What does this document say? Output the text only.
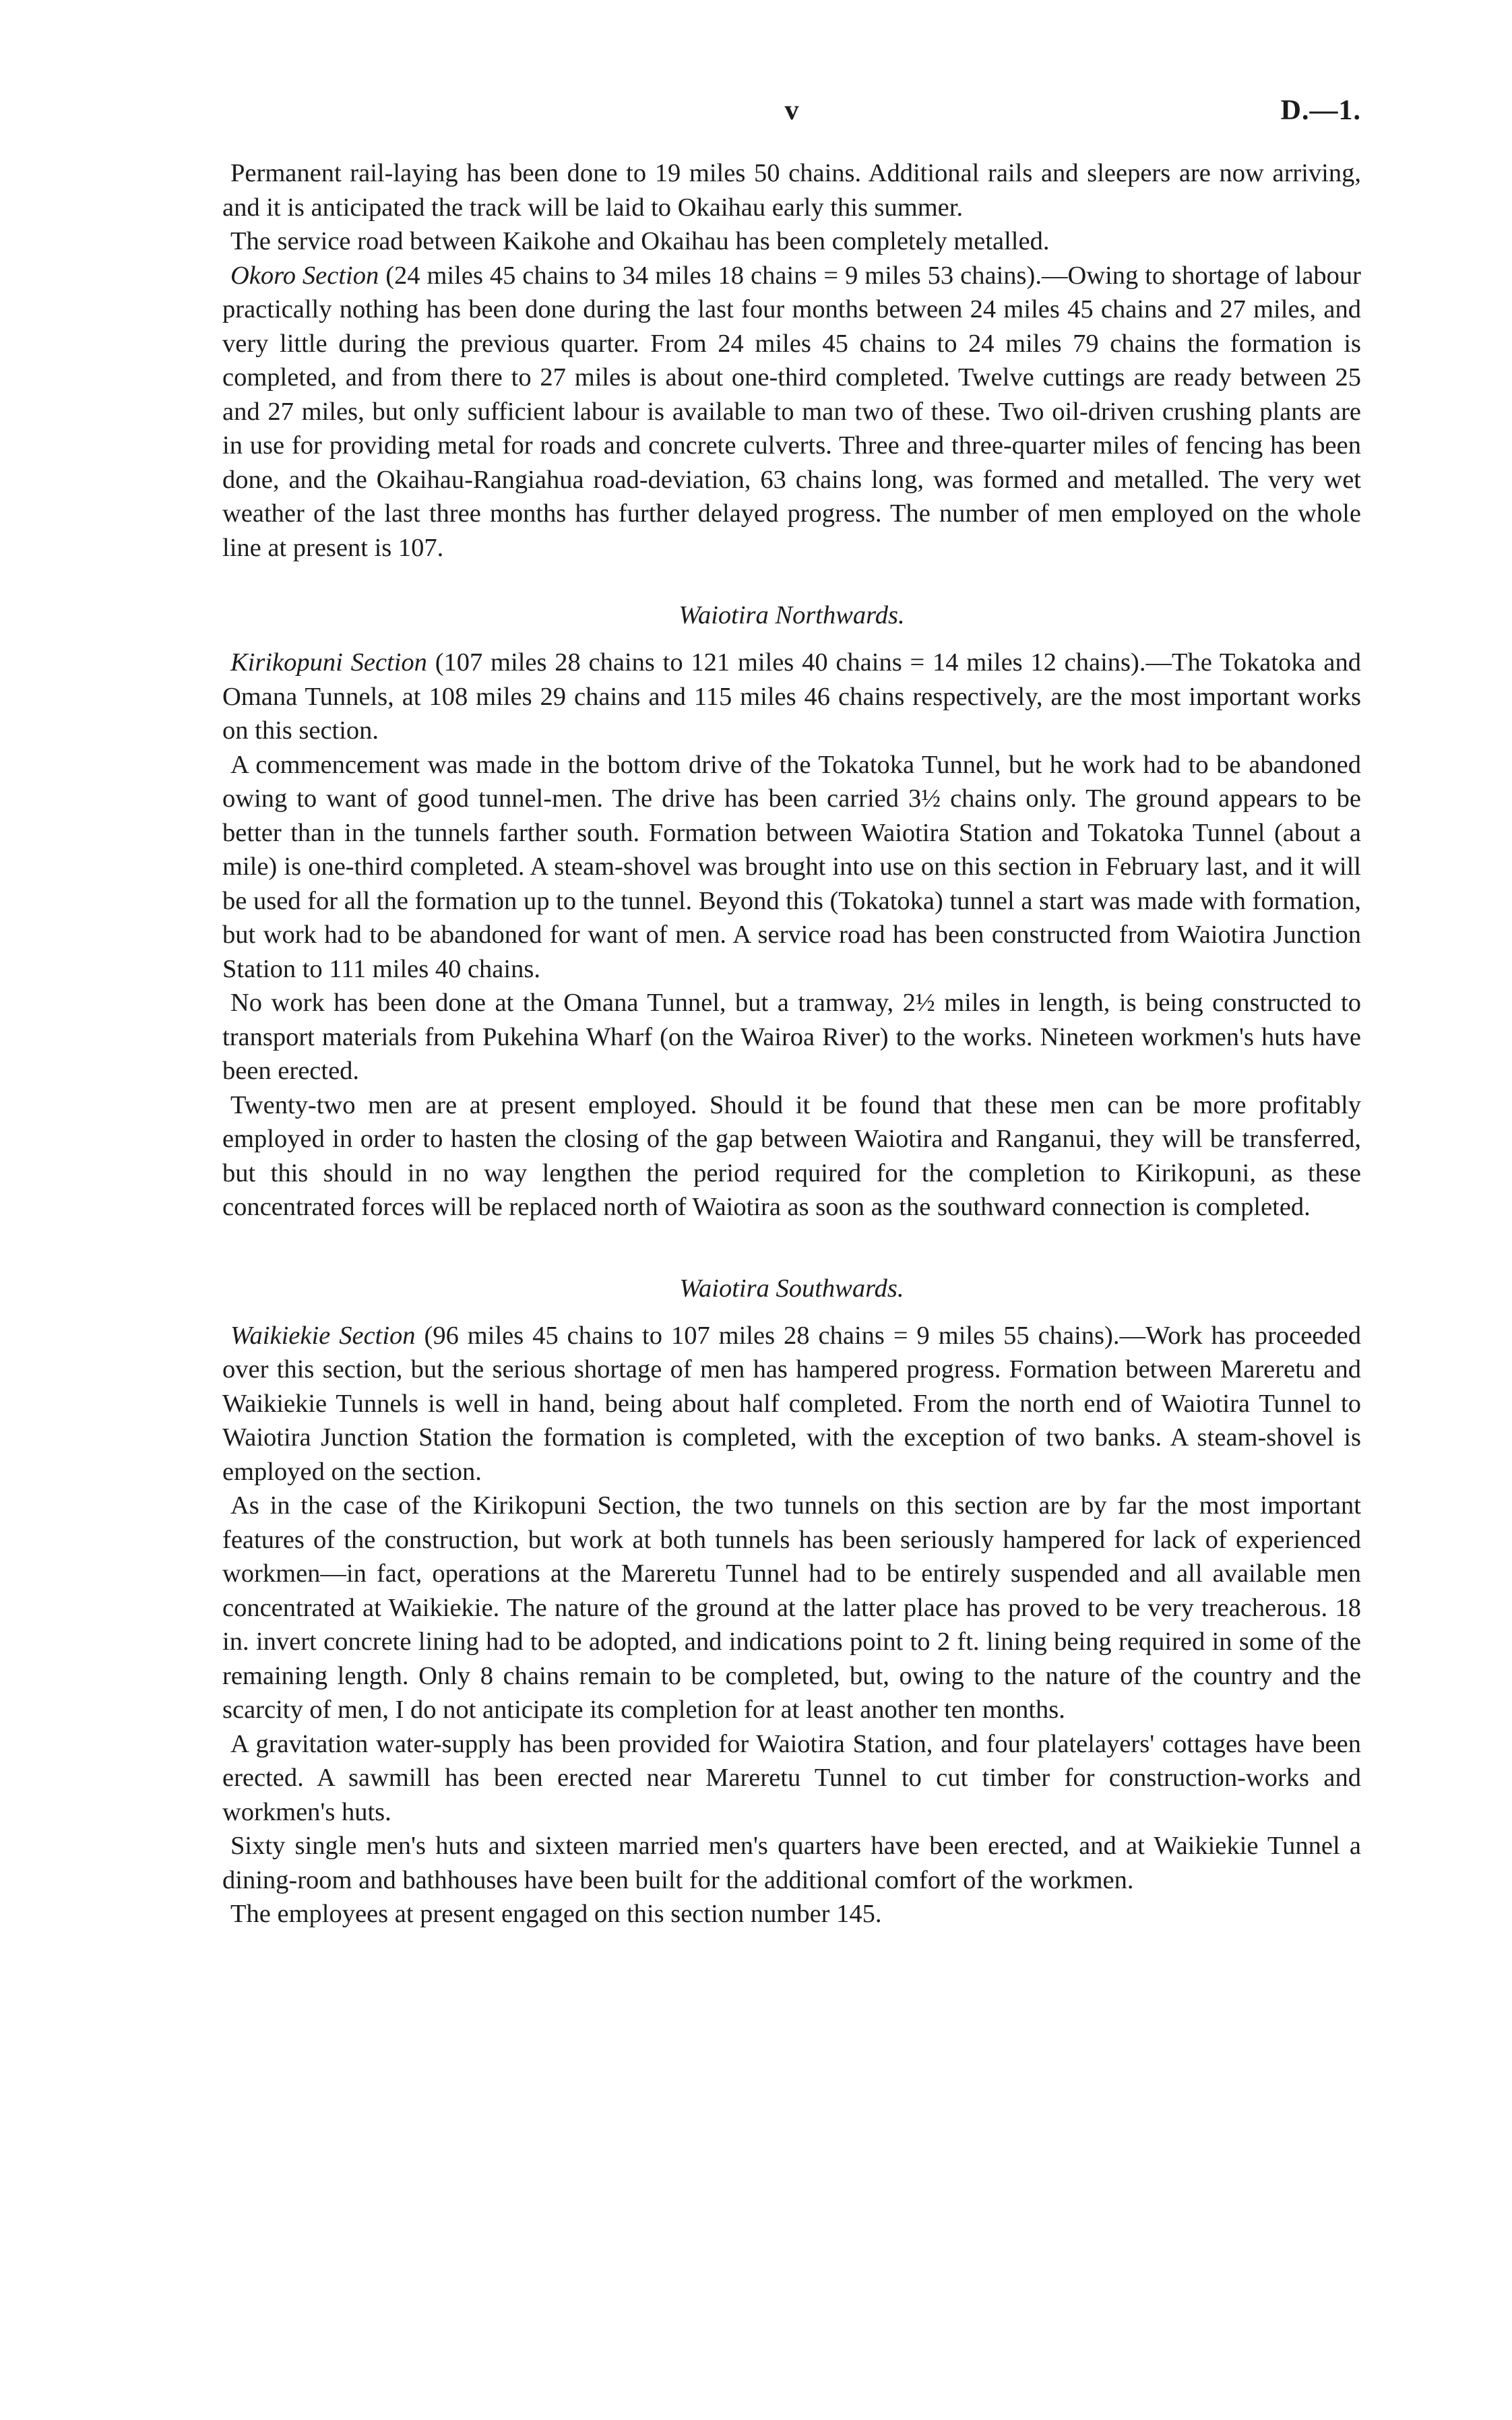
v	D.—1.

Permanent rail-laying has been done to 19 miles 50 chains. Additional rails and sleepers are now arriving, and it is anticipated the track will be laid to Okaihau early this summer.

The service road between Kaikohe and Okaihau has been completely metalled.

Okoro Section (24 miles 45 chains to 34 miles 18 chains = 9 miles 53 chains).—Owing to shortage of labour practically nothing has been done during the last four months between 24 miles 45 chains and 27 miles, and very little during the previous quarter. From 24 miles 45 chains to 24 miles 79 chains the formation is completed, and from there to 27 miles is about one-third completed. Twelve cuttings are ready between 25 and 27 miles, but only sufficient labour is available to man two of these. Two oil-driven crushing plants are in use for providing metal for roads and concrete culverts. Three and three-quarter miles of fencing has been done, and the Okaihau-Rangiahua road-deviation, 63 chains long, was formed and metalled. The very wet weather of the last three months has further delayed progress. The number of men employed on the whole line at present is 107.

Waiotira Northwards.

Kirikopuni Section (107 miles 28 chains to 121 miles 40 chains = 14 miles 12 chains).—The Tokatoka and Omana Tunnels, at 108 miles 29 chains and 115 miles 46 chains respectively, are the most important works on this section.

A commencement was made in the bottom drive of the Tokatoka Tunnel, but he work had to be abandoned owing to want of good tunnel-men. The drive has been carried 3½ chains only. The ground appears to be better than in the tunnels farther south. Formation between Waiotira Station and Tokatoka Tunnel (about a mile) is one-third completed. A steam-shovel was brought into use on this section in February last, and it will be used for all the formation up to the tunnel. Beyond this (Tokatoka) tunnel a start was made with formation, but work had to be abandoned for want of men. A service road has been constructed from Waiotira Junction Station to 111 miles 40 chains.

No work has been done at the Omana Tunnel, but a tramway, 2½ miles in length, is being constructed to transport materials from Pukehina Wharf (on the Wairoa River) to the works. Nineteen workmen's huts have been erected.

Twenty-two men are at present employed. Should it be found that these men can be more profitably employed in order to hasten the closing of the gap between Waiotira and Ranganui, they will be transferred, but this should in no way lengthen the period required for the completion to Kirikopuni, as these concentrated forces will be replaced north of Waiotira as soon as the southward connection is completed.

Waiotira Southwards.

Waikiekie Section (96 miles 45 chains to 107 miles 28 chains = 9 miles 55 chains).—Work has proceeded over this section, but the serious shortage of men has hampered progress. Formation between Mareretu and Waikiekie Tunnels is well in hand, being about half completed. From the north end of Waiotira Tunnel to Waiotira Junction Station the formation is completed, with the exception of two banks. A steam-shovel is employed on the section.

As in the case of the Kirikopuni Section, the two tunnels on this section are by far the most important features of the construction, but work at both tunnels has been seriously hampered for lack of experienced workmen—in fact, operations at the Mareretu Tunnel had to be entirely suspended and all available men concentrated at Waikiekie. The nature of the ground at the latter place has proved to be very treacherous. 18 in. invert concrete lining had to be adopted, and indications point to 2 ft. lining being required in some of the remaining length. Only 8 chains remain to be completed, but, owing to the nature of the country and the scarcity of men, I do not anticipate its completion for at least another ten months.

A gravitation water-supply has been provided for Waiotira Station, and four platelayers' cottages have been erected. A sawmill has been erected near Mareretu Tunnel to cut timber for construction-works and workmen's huts.

Sixty single men's huts and sixteen married men's quarters have been erected, and at Waikiekie Tunnel a dining-room and bathhouses have been built for the additional comfort of the workmen.

The employees at present engaged on this section number 145.
